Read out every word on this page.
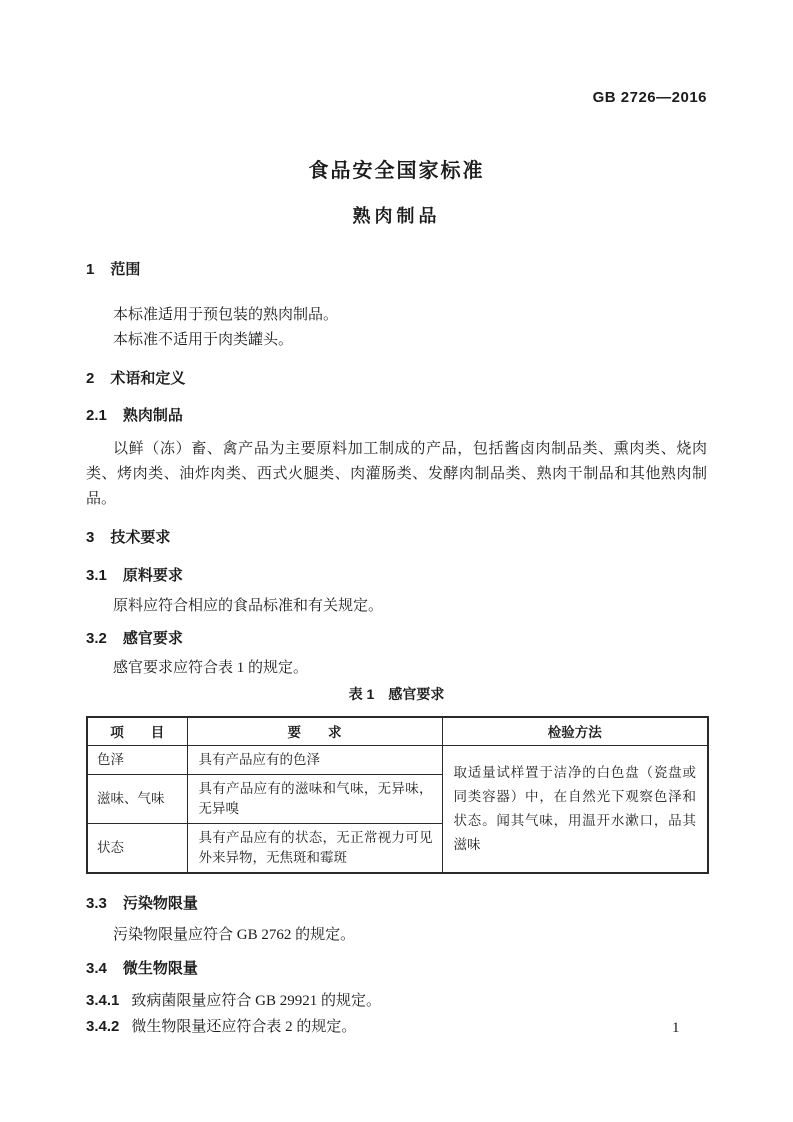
GB 2726—2016
食品安全国家标准
熟肉制品
1 范围

本标准适用于预包装的熟肉制品。

本标准不适用于肉类罐头。

2 术语和定义
2.1 熟肉制品

以鲜（冻）畜、禽产品为主要原料加工制成的产品，包括酱卤肉制品类、熏肉类、烧肉类、烤肉类、油炸肉类、西式火腿类、肉灌肠类、发酵肉制品类、熟肉干制品和其他熟肉制品。

3 技术要求
3.1 原料要求

原料应符合相应的食品标准和有关规定。

3.2 感官要求

感官要求应符合表 1 的规定。

表 1　感官要求
项　　目	要　　求	检验方法
色泽	具有产品应有的色泽	取适量试样置于洁净的白色盘（瓷盘或同类容器）中，在自然光下观察色泽和状态。闻其气味，用温开水漱口，品其滋味
滋味、气味	具有产品应有的滋味和气味，无异味，无异嗅	
状态	具有产品应有的状态，无正常视力可见外来异物，无焦斑和霉斑	
3.3 污染物限量

污染物限量应符合 GB 2762 的规定。

3.4 微生物限量

3.4.1 致病菌限量应符合 GB 29921 的规定。

3.4.2 微生物限量还应符合表 2 的规定。	1
